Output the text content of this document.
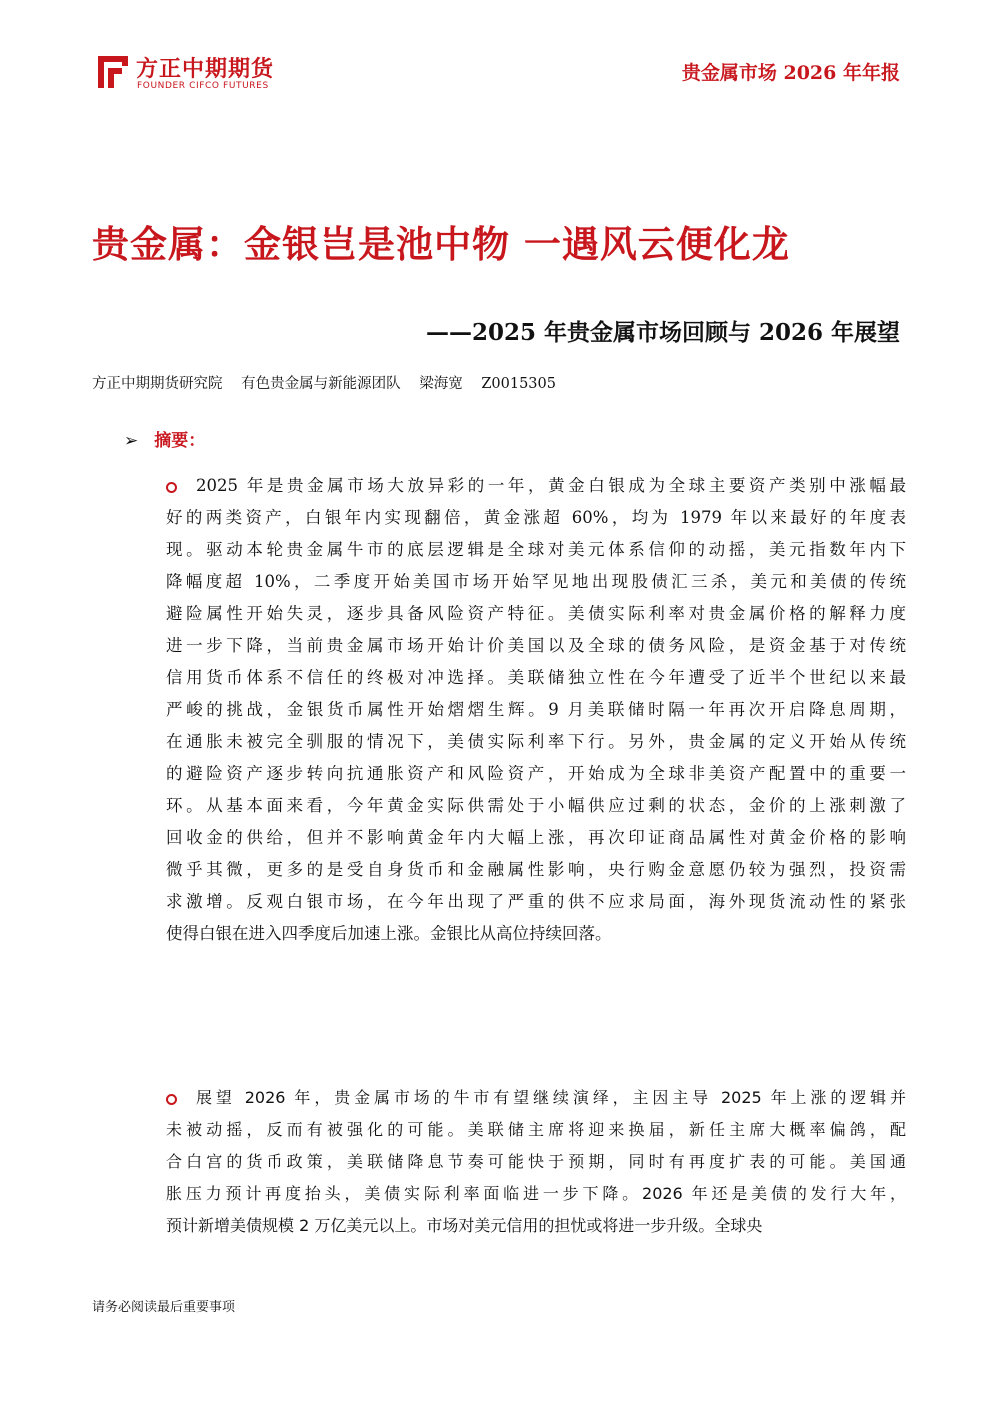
方正中期期货
FOUNDER CIFCO FUTURES
贵金属市场 2026 年年报
贵金属：金银岂是池中物 一遇风云便化龙
——2025 年贵金属市场回顾与 2026 年展望
方正中期期货研究院 有色贵金属与新能源团队 梁海宽 Z0015305
➢ 摘要：
2025 年是贵金属市场大放异彩的一年，黄金白银成为全球主要资产类别中涨幅最
好的两类资产，白银年内实现翻倍，黄金涨超 60%，均为 1979 年以来最好的年度表
现。驱动本轮贵金属牛市的底层逻辑是全球对美元体系信仰的动摇，美元指数年内下
降幅度超 10%，二季度开始美国市场开始罕见地出现股债汇三杀，美元和美债的传统
避险属性开始失灵，逐步具备风险资产特征。美债实际利率对贵金属价格的解释力度
进一步下降，当前贵金属市场开始计价美国以及全球的债务风险，是资金基于对传统
信用货币体系不信任的终极对冲选择。美联储独立性在今年遭受了近半个世纪以来最
严峻的挑战，金银货币属性开始熠熠生辉。9 月美联储时隔一年再次开启降息周期，
在通胀未被完全驯服的情况下，美债实际利率下行。另外，贵金属的定义开始从传统
的避险资产逐步转向抗通胀资产和风险资产，开始成为全球非美资产配置中的重要一
环。从基本面来看，今年黄金实际供需处于小幅供应过剩的状态，金价的上涨刺激了
回收金的供给，但并不影响黄金年内大幅上涨，再次印证商品属性对黄金价格的影响
微乎其微，更多的是受自身货币和金融属性影响，央行购金意愿仍较为强烈，投资需
求激增。反观白银市场，在今年出现了严重的供不应求局面，海外现货流动性的紧张
使得白银在进入四季度后加速上涨。金银比从高位持续回落。
展望 2026 年，贵金属市场的牛市有望继续演绎，主因主导 2025 年上涨的逻辑并
未被动摇，反而有被强化的可能。美联储主席将迎来换届，新任主席大概率偏鸽，配
合白宫的货币政策，美联储降息节奏可能快于预期，同时有再度扩表的可能。美国通
胀压力预计再度抬头，美债实际利率面临进一步下降。2026 年还是美债的发行大年，
预计新增美债规模 2 万亿美元以上。市场对美元信用的担忧或将进一步升级。全球央
请务必阅读最后重要事项
